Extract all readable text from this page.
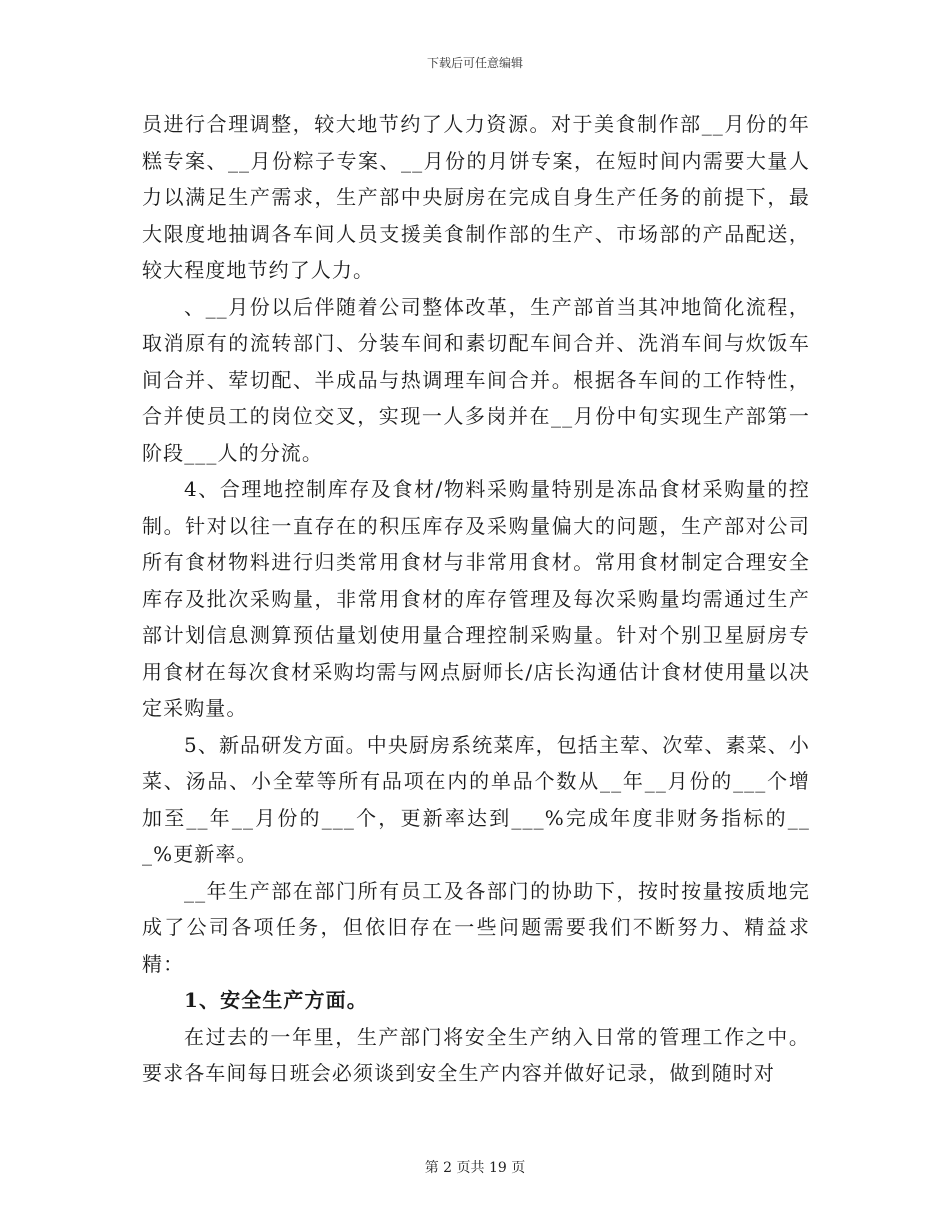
下载后可任意编辑

员进行合理调整，较大地节约了人力资源。对于美食制作部__月份的年糕专案、__月份粽子专案、__月份的月饼专案，在短时间内需要大量人力以满足生产需求，生产部中央厨房在完成自身生产任务的前提下，最大限度地抽调各车间人员支援美食制作部的生产、市场部的产品配送，较大程度地节约了人力。

、__月份以后伴随着公司整体改革，生产部首当其冲地简化流程，取消原有的流转部门、分装车间和素切配车间合并、洗消车间与炊饭车间合并、荤切配、半成品与热调理车间合并。根据各车间的工作特性，合并使员工的岗位交叉，实现一人多岗并在__月份中旬实现生产部第一阶段___人的分流。

4、合理地控制库存及食材/物料采购量特别是冻品食材采购量的控制。针对以往一直存在的积压库存及采购量偏大的问题，生产部对公司所有食材物料进行归类常用食材与非常用食材。常用食材制定合理安全库存及批次采购量，非常用食材的库存管理及每次采购量均需通过生产部计划信息测算预估量划使用量合理控制采购量。针对个别卫星厨房专用食材在每次食材采购均需与网点厨师长/店长沟通估计食材使用量以决定采购量。

5、新品研发方面。中央厨房系统菜库，包括主荤、次荤、素菜、小菜、汤品、小全荤等所有品项在内的单品个数从__年__月份的___个增加至__年__月份的___个，更新率达到___%完成年度非财务指标的___%更新率。

__年生产部在部门所有员工及各部门的协助下，按时按量按质地完成了公司各项任务，但依旧存在一些问题需要我们不断努力、精益求精：

1、安全生产方面。

在过去的一年里，生产部门将安全生产纳入日常的管理工作之中。要求各车间每日班会必须谈到安全生产内容并做好记录，做到随时对

第 2 页共 19 页
